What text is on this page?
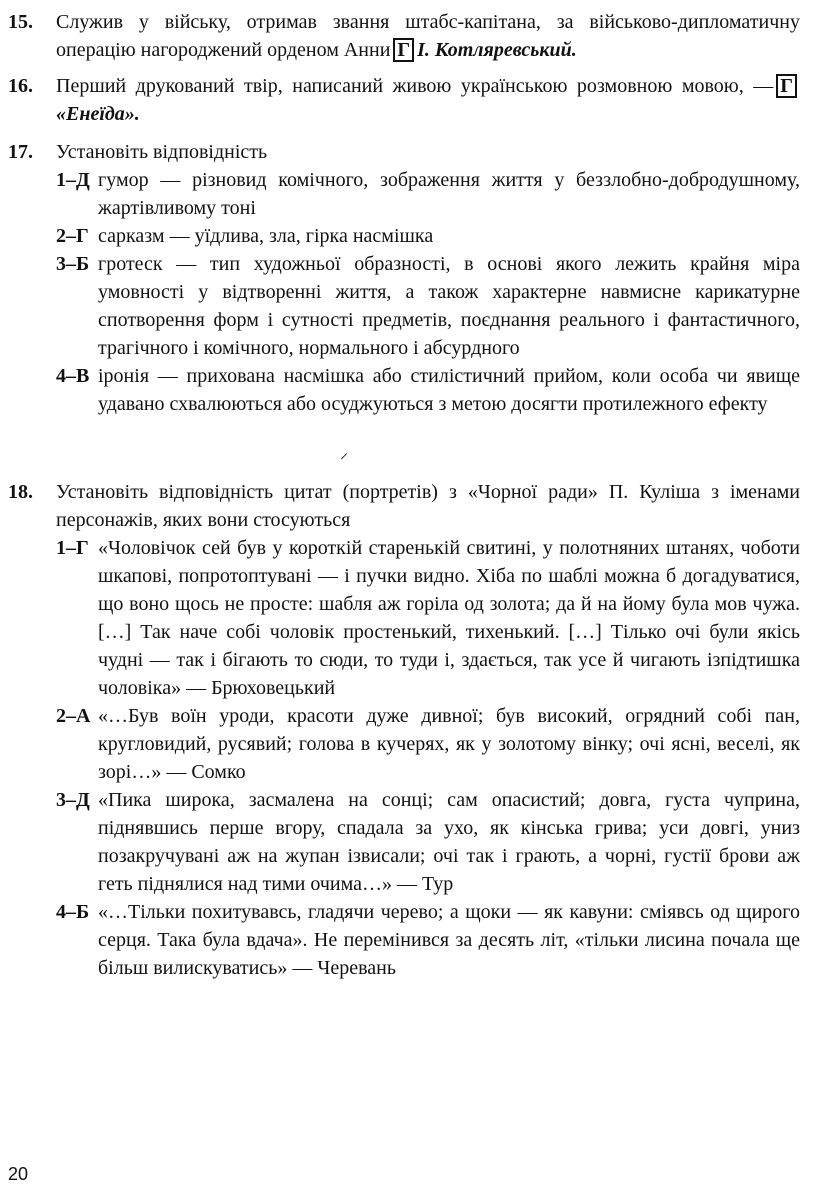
15.	Служив у війську, отримав звання штабс-капітана, за військово-дипломатичну операцію нагороджений орденом Анни Г І. Котляревський.
16.	Перший друкований твір, написаний живою українською розмовною мовою, — Г«Енеїда».
17.	Установіть відповідність
1–Д гумор — різновид комічного, зображення життя у беззлобно-добродушному, жартівливому тоні
2–Г сарказм — уїдлива, зла, гірка насмішка
3–Б гротеск — тип художньої образності, в основі якого лежить крайня міра умовності у відтворенні життя, а також характерне навмисне карикатурне спотворення форм і сутності предметів, поєднання реального і фантастичного, трагічного і комічного, нормального і абсурдного
4–В іронія — прихована насмішка або стилістичний прийом, коли особа чи явище удавано схвалюються або осуджуються з метою досягти протилежного ефекту
18.	Установіть відповідність цитат (портретів) з «Чорної ради» П. Куліша з іменами персонажів, яких вони стосуються
1–Г «Чоловічок сей був у короткій старенькій свитині, у полотняних штанях, чоботи шкапові, попротоптувані — і пучки видно. Хіба по шаблі можна б догадуватися, що воно щось не просте: шабля аж горіла од золота; да й на йому була мов чужа. […] Так наче собі чоловік простенький, тихенький. […] Тілько очі були якісь чудні — так і бігають то сюди, то туди і, здається, так усе й чигають ізпідтишка чоловіка» — Брюховецький
2–А «…Був воїн уроди, красоти дуже дивної; був високий, огрядний собі пан, кругловидий, русявий; голова в кучерях, як у золотому вінку; очі ясні, веселі, як зорі…» — Сомко
3–Д «Пика широка, засмалена на сонці; сам опасистий; довга, густа чуприна, піднявшись перше вгору, спадала за ухо, як кінська грива; уси довгі, униз позакручувані аж на жупан ізвисали; очі так і грають, а чорні, густії брови аж геть піднялися над тими очима…» — Тур
4–Б «…Тільки похитувавсь, гладячи черево; а щоки — як кавуни: сміявсь од щирого серця. Така була вдача». Не перемінився за десять літ, «тільки лисина почала ще більш вилискуватись» — Черевань
⸝
20
